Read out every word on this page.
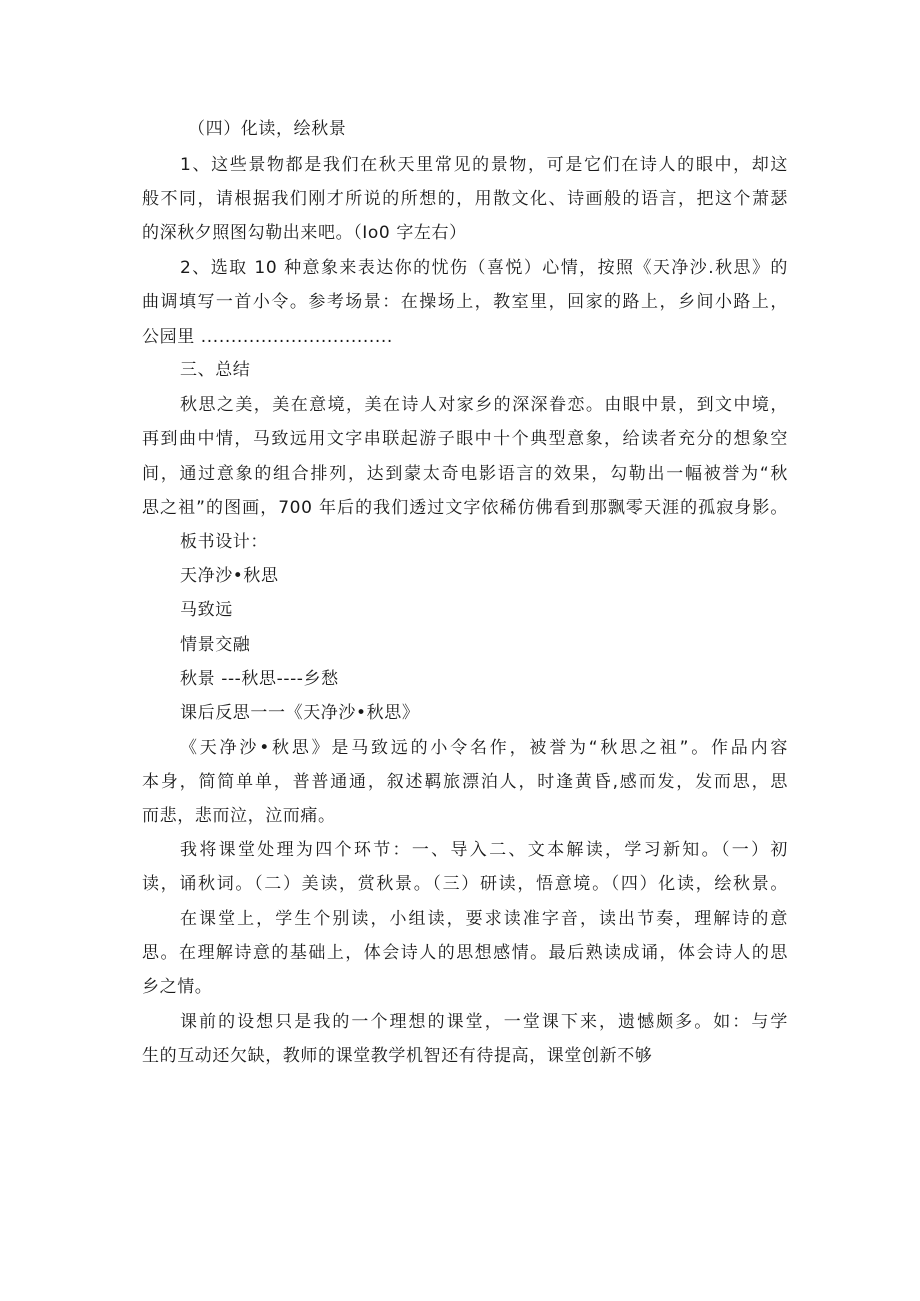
（四）化读，绘秋景
1、这些景物都是我们在秋天里常见的景物，可是它们在诗人的眼中，却这
般不同，请根据我们刚才所说的所想的，用散文化、诗画般的语言，把这个萧瑟
的深秋夕照图勾勒出来吧。（Io0 字左右）
2、选取 10 种意象来表达你的忧伤（喜悦）心情，按照《天净沙.秋思》的
曲调填写一首小令。参考场景：在操场上，教室里，回家的路上，乡间小路上，
公园里 ................................
三、总结
秋思之美，美在意境，美在诗人对家乡的深深眷恋。由眼中景，到文中境，
再到曲中情，马致远用文字串联起游子眼中十个典型意象，给读者充分的想象空
间，通过意象的组合排列，达到蒙太奇电影语言的效果，勾勒出一幅被誉为“秋
思之祖”的图画，700 年后的我们透过文字依稀仿佛看到那飘零天涯的孤寂身影。
板书设计：
天净沙•秋思
马致远
情景交融
秋景 ---秋思----乡愁
课后反思一一《天净沙•秋思》
《天净沙•秋思》是马致远的小令名作，被誉为“秋思之祖”。作品内容
本身，简简单单，普普通通，叙述羁旅漂泊人，时逢黄昏,感而发，发而思，思
而悲，悲而泣，泣而痛。
我将课堂处理为四个环节：一、导入二、文本解读，学习新知。（一）初
读，诵秋词。（二）美读，赏秋景。（三）研读，悟意境。（四）化读，绘秋景。
在课堂上，学生个别读，小组读，要求读准字音，读出节奏，理解诗的意
思。在理解诗意的基础上，体会诗人的思想感情。最后熟读成诵，体会诗人的思
乡之情。
课前的设想只是我的一个理想的课堂，一堂课下来，遗憾颇多。如：与学
生的互动还欠缺，教师的课堂教学机智还有待提高，课堂创新不够
